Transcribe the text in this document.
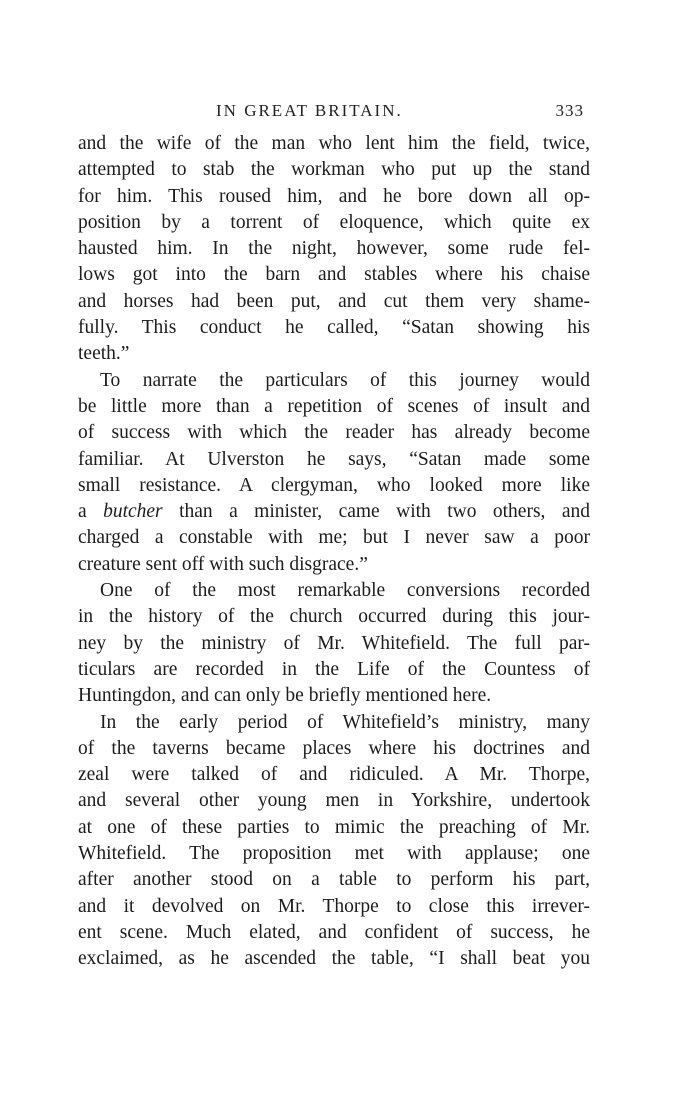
IN GREAT BRITAIN.	333
and the wife of the man who lent him the field, twice,
attempted to stab the workman who put up the stand
for him. This roused him, and he bore down all op-
position by a torrent of eloquence, which quite ex
hausted him. In the night, however, some rude fel-
lows got into the barn and stables where his chaise
and horses had been put, and cut them very shame-
fully. This conduct he called, “Satan showing his
teeth.”
To narrate the particulars of this journey would
be little more than a repetition of scenes of insult and
of success with which the reader has already become
familiar. At Ulverston he says, “Satan made some
small resistance. A clergyman, who looked more like
a butcher than a minister, came with two others, and
charged a constable with me; but I never saw a poor
creature sent off with such disgrace.”
One of the most remarkable conversions recorded
in the history of the church occurred during this jour-
ney by the ministry of Mr. Whitefield. The full par-
ticulars are recorded in the Life of the Countess of
Huntingdon, and can only be briefly mentioned here.
In the early period of Whitefield’s ministry, many
of the taverns became places where his doctrines and
zeal were talked of and ridiculed. A Mr. Thorpe,
and several other young men in Yorkshire, undertook
at one of these parties to mimic the preaching of Mr.
Whitefield. The proposition met with applause; one
after another stood on a table to perform his part,
and it devolved on Mr. Thorpe to close this irrever-
ent scene. Much elated, and confident of success, he
exclaimed, as he ascended the table, “I shall beat you
